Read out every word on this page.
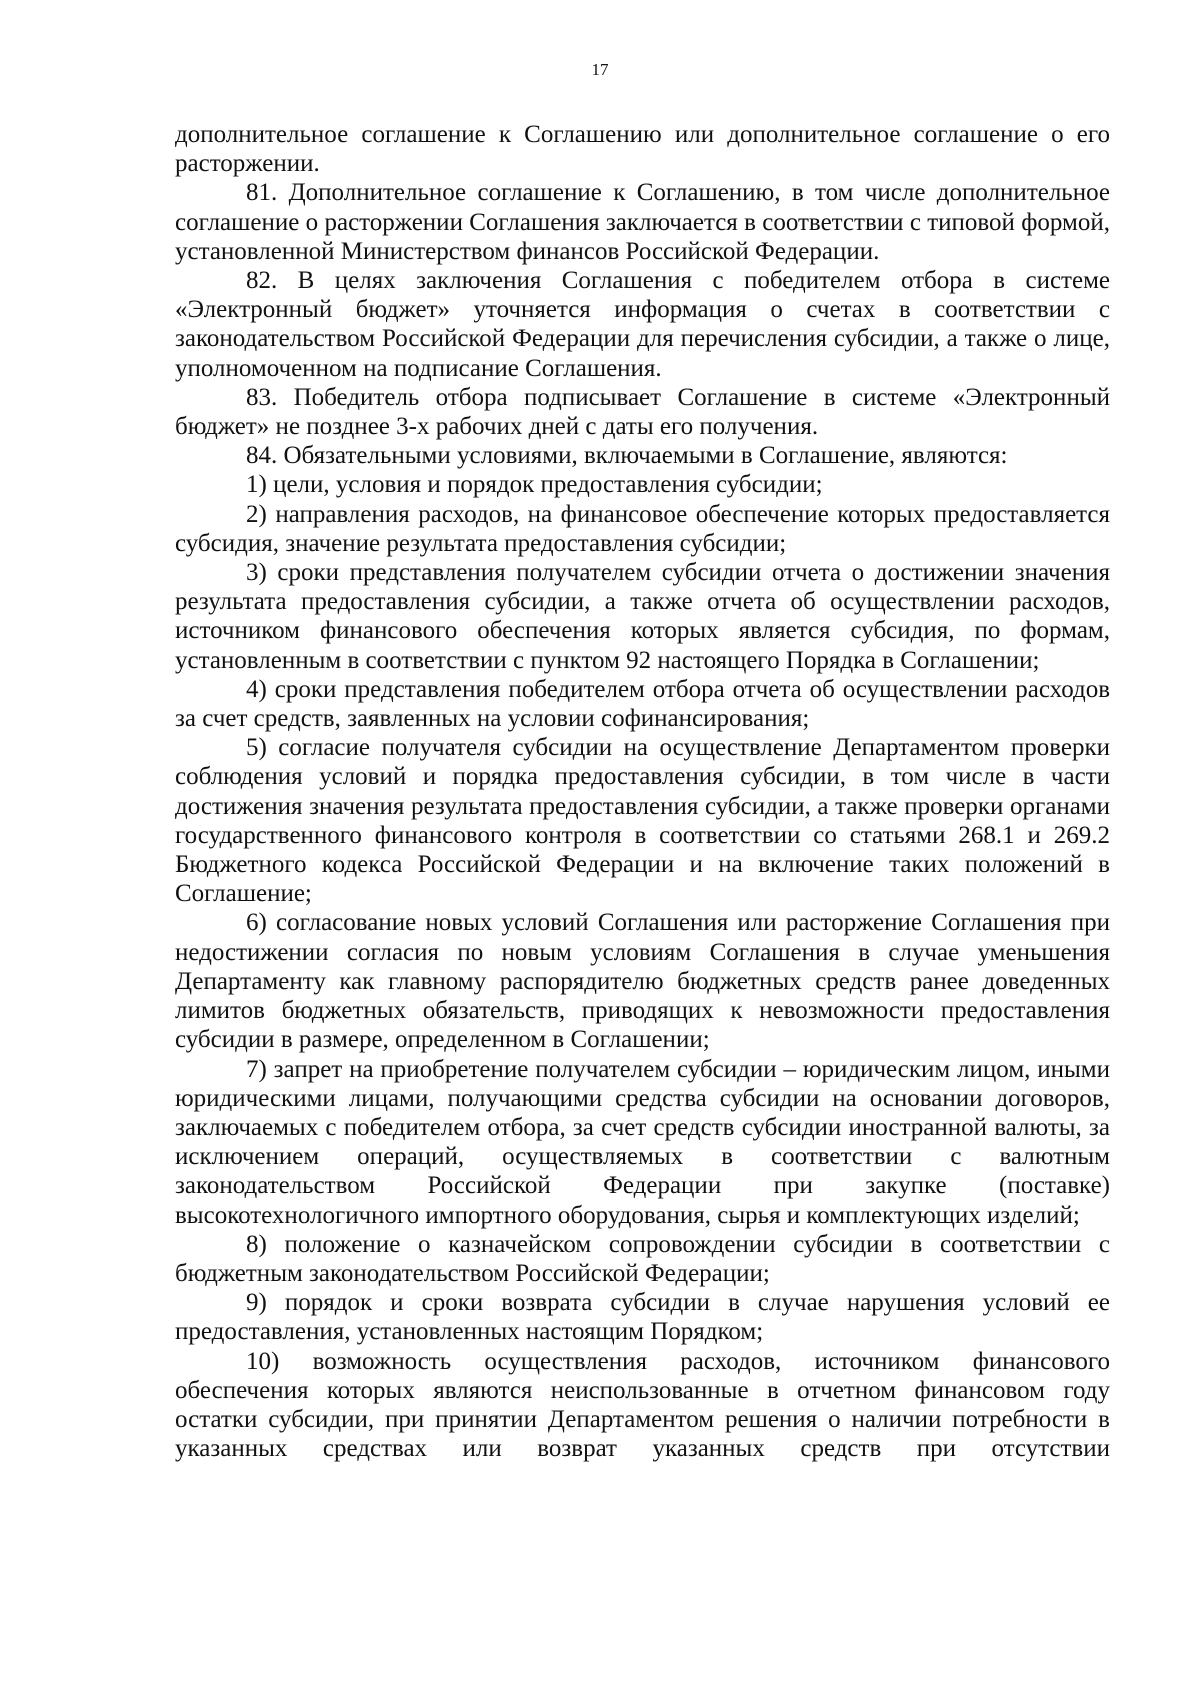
17

дополнительное соглашение к Соглашению или дополнительное соглашение о его расторжении.

81. Дополнительное соглашение к Соглашению, в том числе дополнительное соглашение о расторжении Соглашения заключается в соответствии с типовой формой, установленной Министерством финансов Российской Федерации.

82. В целях заключения Соглашения с победителем отбора в системе «Электронный бюджет» уточняется информация о счетах в соответствии с законодательством Российской Федерации для перечисления субсидии, а также о лице, уполномоченном на подписание Соглашения.

83. Победитель отбора подписывает Соглашение в системе «Электронный бюджет» не позднее 3-х рабочих дней с даты его получения.

84. Обязательными условиями, включаемыми в Соглашение, являются:

1) цели, условия и порядок предоставления субсидии;

2) направления расходов, на финансовое обеспечение которых предоставляется субсидия, значение результата предоставления субсидии;

3) сроки представления получателем субсидии отчета о достижении значения результата предоставления субсидии, а также отчета об осуществлении расходов, источником финансового обеспечения которых является субсидия, по формам, установленным в соответствии с пунктом 92 настоящего Порядка в Соглашении;

4) сроки представления победителем отбора отчета об осуществлении расходов за счет средств, заявленных на условии софинансирования;

5) согласие получателя субсидии на осуществление Департаментом проверки соблюдения условий и порядка предоставления субсидии, в том числе в части достижения значения результата предоставления субсидии, а также проверки органами государственного финансового контроля в соответствии со статьями 268.1 и 269.2 Бюджетного кодекса Российской Федерации и на включение таких положений в Соглашение;

6) согласование новых условий Соглашения или расторжение Соглашения при недостижении согласия по новым условиям Соглашения в случае уменьшения Департаменту как главному распорядителю бюджетных средств ранее доведенных лимитов бюджетных обязательств, приводящих к невозможности предоставления субсидии в размере, определенном в Соглашении;

7) запрет на приобретение получателем субсидии – юридическим лицом, иными юридическими лицами, получающими средства субсидии на основании договоров, заключаемых с победителем отбора, за счет средств субсидии иностранной валюты, за исключением операций, осуществляемых в соответствии с валютным законодательством Российской Федерации при закупке (поставке) высокотехнологичного импортного оборудования, сырья и комплектующих изделий;

8) положение о казначейском сопровождении субсидии в соответствии с бюджетным законодательством Российской Федерации;

9) порядок и сроки возврата субсидии в случае нарушения условий ее предоставления, установленных настоящим Порядком;

10) возможность осуществления расходов, источником финансового обеспечения которых являются неиспользованные в отчетном финансовом году остатки субсидии, при принятии Департаментом решения о наличии потребности в указанных средствах или возврат указанных средств при отсутствии
